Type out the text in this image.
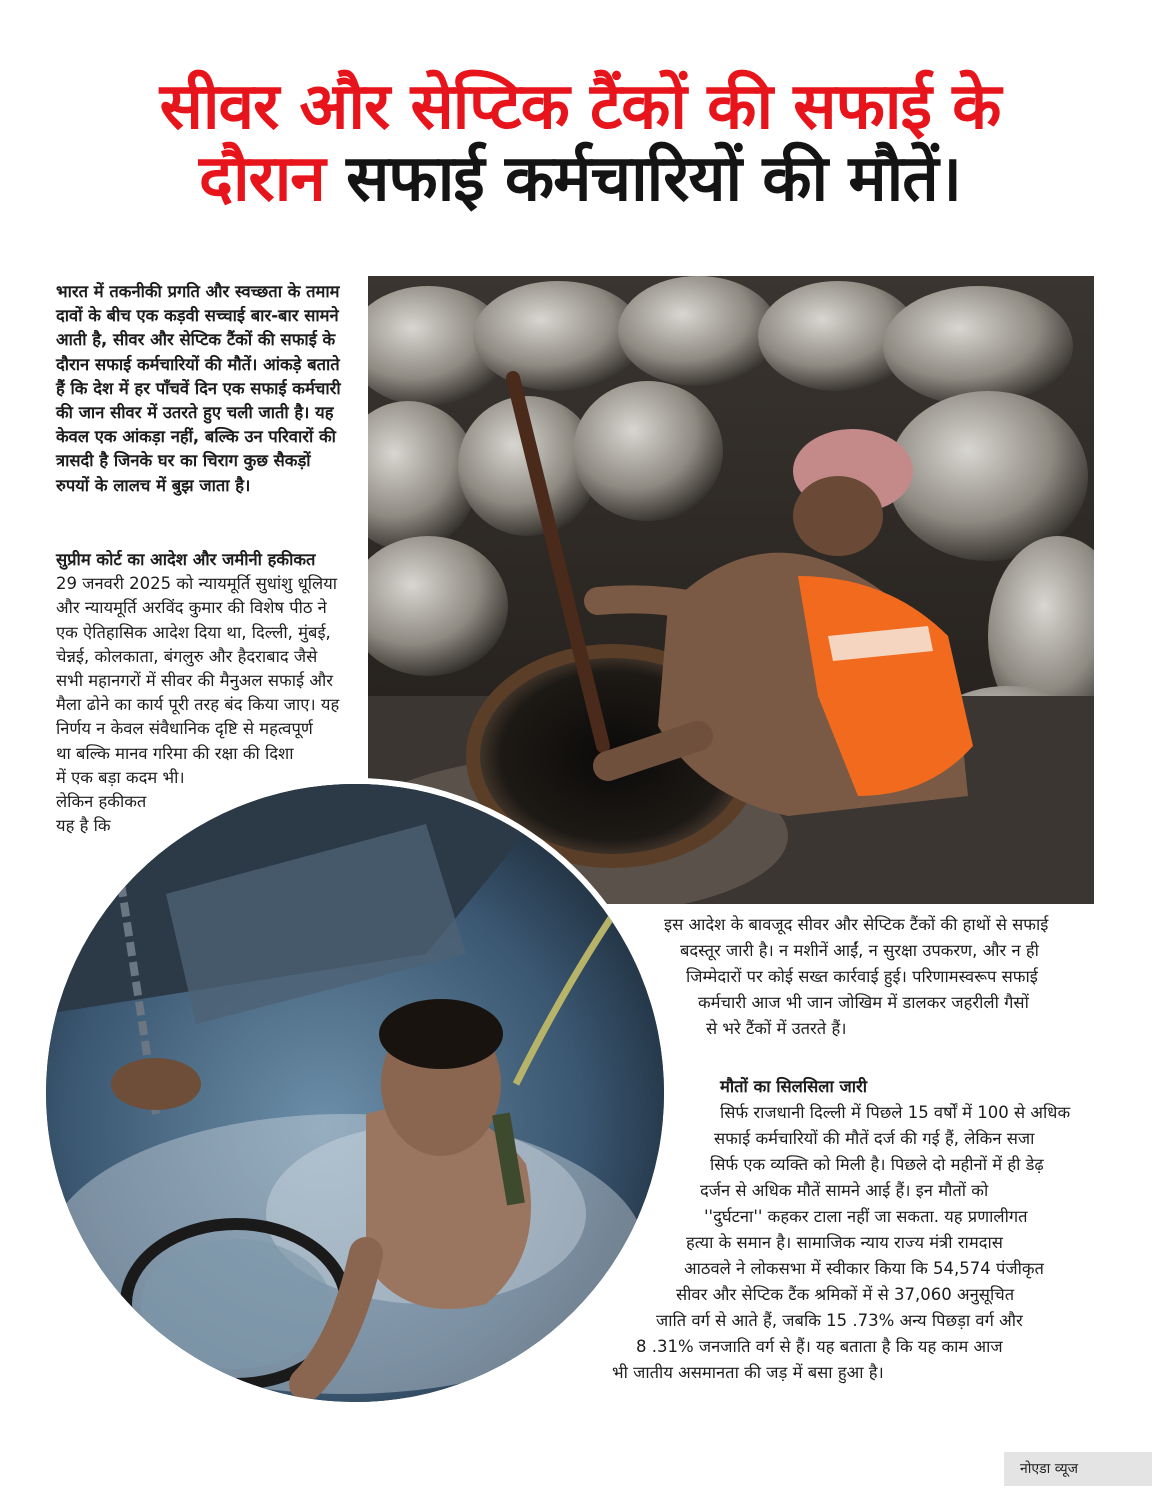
सीवर और सेप्टिक टैंकों की सफाई के
दौरान सफाई कर्मचारियों की मौतें।

भारत में तकनीकी प्रगति और स्वच्छता के तमाम

दावों के बीच एक कड़वी सच्चाई बार-बार सामने

आती है, सीवर और सेप्टिक टैंकों की सफाई के

दौरान सफाई कर्मचारियों की मौतें। आंकड़े बताते

हैं कि देश में हर पाँचवें दिन एक सफाई कर्मचारी

की जान सीवर में उतरते हुए चली जाती है। यह

केवल एक आंकड़ा नहीं, बल्कि उन परिवारों की

त्रासदी है जिनके घर का चिराग कुछ सैकड़ों

रुपयों के लालच में बुझ जाता है।

सुप्रीम कोर्ट का आदेश और जमीनी हकीकत

29 जनवरी 2025 को न्यायमूर्ति सुधांशु धूलिया

और न्यायमूर्ति अरविंद कुमार की विशेष पीठ ने

एक ऐतिहासिक आदेश दिया था, दिल्ली, मुंबई,

चेन्नई, कोलकाता, बंगलुरु और हैदराबाद जैसे

सभी महानगरों में सीवर की मैनुअल सफाई और

मैला ढोने का कार्य पूरी तरह बंद किया जाए। यह

निर्णय न केवल संवैधानिक दृष्टि से महत्वपूर्ण

था बल्कि मानव गरिमा की रक्षा की दिशा

में एक बड़ा कदम भी।

लेकिन हकीकत

यह है कि

इस आदेश के बावजूद सीवर और सेप्टिक टैंकों की हाथों से सफाई
बदस्तूर जारी है। न मशीनें आईं, न सुरक्षा उपकरण, और न ही
जिम्मेदारों पर कोई सख्त कार्रवाई हुई। परिणामस्वरूप सफाई
कर्मचारी आज भी जान जोखिम में डालकर जहरीली गैसों
से भरे टैंकों में उतरते हैं।
मौतों का सिलसिला जारी
सिर्फ राजधानी दिल्ली में पिछले 15 वर्षों में 100 से अधिक
सफाई कर्मचारियों की मौतें दर्ज की गई हैं, लेकिन सजा
सिर्फ एक व्यक्ति को मिली है। पिछले दो महीनों में ही डेढ़
दर्जन से अधिक मौतें सामने आई हैं। इन मौतों को
''दुर्घटना'' कहकर टाला नहीं जा सकता. यह प्रणालीगत
हत्या के समान है। सामाजिक न्याय राज्य मंत्री रामदास
आठवले ने लोकसभा में स्वीकार किया कि 54,574 पंजीकृत
सीवर और सेप्टिक टैंक श्रमिकों में से 37,060 अनुसूचित
जाति वर्ग से आते हैं, जबकि 15 .73% अन्य पिछड़ा वर्ग और
8 .31% जनजाति वर्ग से हैं। यह बताता है कि यह काम आज
भी जातीय असमानता की जड़ में बसा हुआ है।
नोएडा व्यूज
